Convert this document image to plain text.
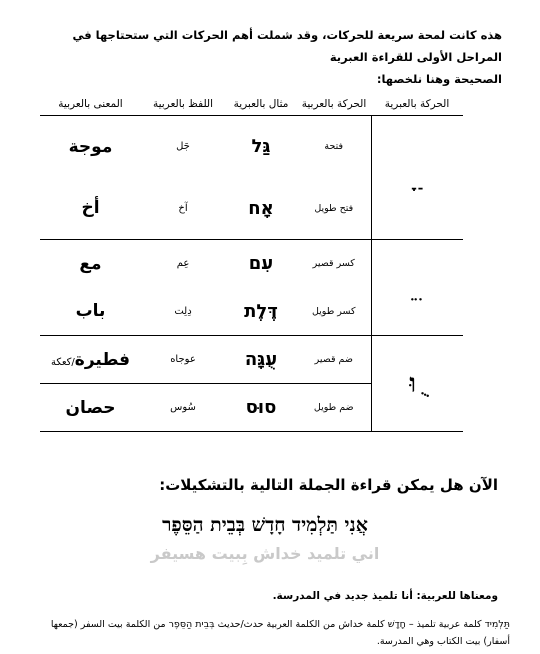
هذه كانت لمحة سريعة للحركات، وقد شملت أهم الحركات التي ستحتاجها في المراحل الأولى للقراءة العبرية
الصحيحة وهنا نلخصها:
الحركة بالعبرية	الحركة بالعربية	مثال بالعبرية	اللفظ بالعربية	المعنى بالعربية
ַ ָ	فتحة	גַּל	جَل	موجة
	فتح طويل	אָח	آخ	أخ
ִ ֵ	كسر قصير	עִם	عِم	مع
	كسر طويل	דֶּלֶת	دِلِت	باب
ֻ וּ	ضم قصير	עֻגָּה	عوجاه	فطيرة/كعكة
	ضم طويل	סוּס	سُوس	حصان
الآن هل يمكن قراءة الجملة التالية بالتشكيلات:
אֲנִי תַּלְמִיד חָדָשׁ בְּבֵית הַסֵּפֶר
اني تلميد خداش بِبيت هسيفر
ومعناها للعربية: أنا تلميذ جديد في المدرسة.
תַּלְמִיד كلمة عربية تلميذ – חָדָשׁ كلمة خداش من الكلمة العربية حدث/حديث בְּבֵית הַסֵּפֶר من الكلمة بيت السفر (جمعها أسفار) بيت الكتاب وهي المدرسة.
